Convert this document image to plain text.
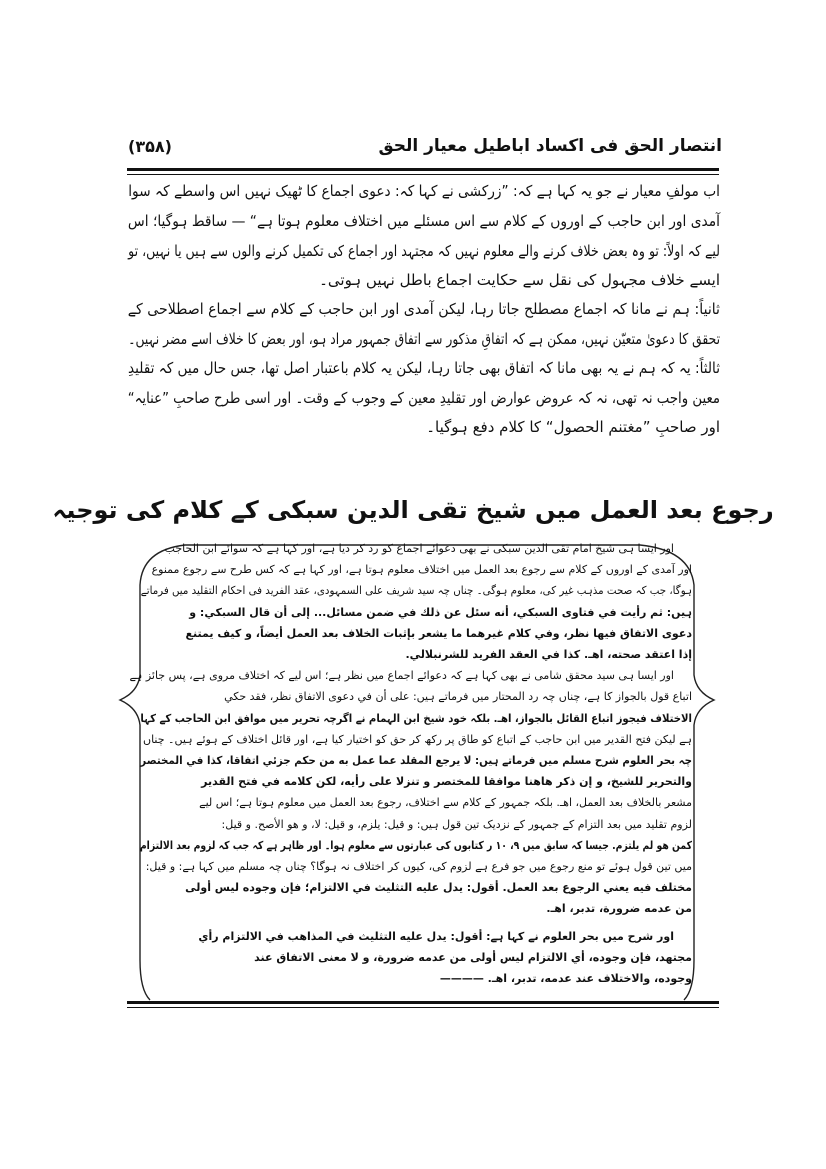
انتصار الحق فی اکساد اباطیل معیار الحق
(۳۵۸)
اب مولفِ معیار نے جو یہ کہا ہے کہ: ”زرکشی نے کہا کہ: دعوی اجماع کا ٹھیک نہیں اس واسطے کہ سوا
آمدی اور ابن حاجب کے اوروں کے کلام سے اس مسئلے میں اختلاف معلوم ہوتا ہے“ — ساقط ہوگیا؛ اس
لیے کہ اولاً: تو وہ بعض خلاف کرنے والے معلوم نہیں کہ مجتہد اور اجماع کی تکمیل کرنے والوں سے ہیں یا نہیں، تو
ایسے خلاف مجہول کی نقل سے حکایت اجماع باطل نہیں ہوتی۔
ثانیاً: ہم نے مانا کہ اجماع مصطلح جاتا رہا، لیکن آمدی اور ابن حاجب کے کلام سے اجماع اصطلاحی کے
تحقق کا دعویٰ متعیّن نہیں، ممکن ہے کہ اتفاقِ مذکور سے اتفاق جمہور مراد ہو، اور بعض کا خلاف اسے مضر نہیں۔
ثالثاً: یہ کہ ہم نے یہ بھی مانا کہ اتفاق بھی جاتا رہا، لیکن یہ کلام باعتبار اصل تھا، جس حال میں کہ تقلیدِ
معین واجب نہ تھی، نہ کہ عروض عوارض اور تقلیدِ معین کے وجوب کے وقت۔ اور اسی طرح صاحبِ ”عنایہ“
اور صاحبِ ”مغتنم الحصول“ کا کلام دفع ہوگیا۔
رجوع بعد العمل میں شیخ تقی الدین سبکی کے کلام کی توجیہ
اور ایسا ہی شیخ امام تقی الدین سبکی نے بھی دعوائے اجماع کو رد کر دیا ہے، اور کہا ہے کہ سوائے ابن الحاجب
اور آمدی کے اوروں کے کلام سے رجوع بعد العمل میں اختلاف معلوم ہوتا ہے، اور کہا ہے کہ کس طرح سے رجوع ممنوع
ہوگا، جب کہ صحت مذہب غیر کی، معلوم ہوگی۔ چناں چہ سید شریف علی السمہودی، عقد الفرید فی احکام التقلید میں فرماتے
ہیں: ثم رأيت في فتاوى السبكي، أنه سئل عن ذلك في ضمن مسائل... إلى أن قال السبكي: و
دعوى الاتفاق فيها نظر، وفي كلام غيرهما ما يشعر بإثبات الخلاف بعد العمل أيضاً، و كيف يمتنع
إذا اعتقد صحته، اهـ. كذا في العقد الفريد للشرنبلالي.
اور ایسا ہی سید محقق شامی نے بھی کہا ہے کہ دعوائے اجماع میں نظر ہے؛ اس لیے کہ اختلاف مروی ہے، پس جائز ہے
اتباع قول بالجواز کا ہے، چناں چہ رد المحتار میں فرماتے ہیں: على أن في دعوى الاتفاق نظر، فقد حكي
الاختلاف فيجوز اتباع القائل بالجواز، اهـ. بلکہ خود شیخ ابن الہمام نے اگرچہ تحریر میں موافق ابن الحاجب کے کہا
ہے لیکن فتح القدیر میں ابن حاجب کے اتباع کو طاق پر رکھ کر حق کو اختیار کیا ہے، اور قائل اختلاف کے ہوئے ہیں۔ چناں
چہ بحر العلوم شرح مسلم میں فرماتے ہیں: لا يرجع المقلد عما عمل به من حكم جزئي اتفاقا، كذا في المختصر
والتحرير للشيخ، و إن ذكر هاهنا موافقا للمختصر و تنزلا على رأيه، لكن كلامه في فتح القدير
مشعر بالخلاف بعد العمل، اهـ. بلکہ جمہور کے کلام سے اختلاف، رجوع بعد العمل میں معلوم ہوتا ہے؛ اس لیے
لزوم تقلید میں بعد التزام کے جمہور کے نزدیک تین قول ہیں: و قيل: يلزم، و قيل: لا، و هو الأصح. و قيل:
كمن هو لم يلتزم. جیسا کہ سابق میں ۹، ۱۰ ر کتابوں کی عبارتوں سے معلوم ہوا۔ اور ظاہر ہے کہ جب کہ لزوم بعد الالتزام
میں تین قول ہوئے تو منع رجوع میں جو فرع ہے لزوم کی، کیوں کر اختلاف نہ ہوگا؟ چناں چہ مسلم میں کہا ہے: و قيل:
مختلف فيه يعني الرجوع بعد العمل. أقول: يدل عليه التثليث في الالتزام؛ فإن وجوده ليس أولى
من عدمه ضرورة، تدبر، اهـ.
اور شرح میں بحر العلوم نے کہا ہے: أقول: يدل عليه التثليث في المذاهب في الالتزام رأي
مجتهد، فإن وجوده، أي الالتزام ليس أولى من عدمه ضرورة، و لا معنى الاتفاق عند
وجوده، والاختلاف عند عدمه، تدبر، اهـ. ————
